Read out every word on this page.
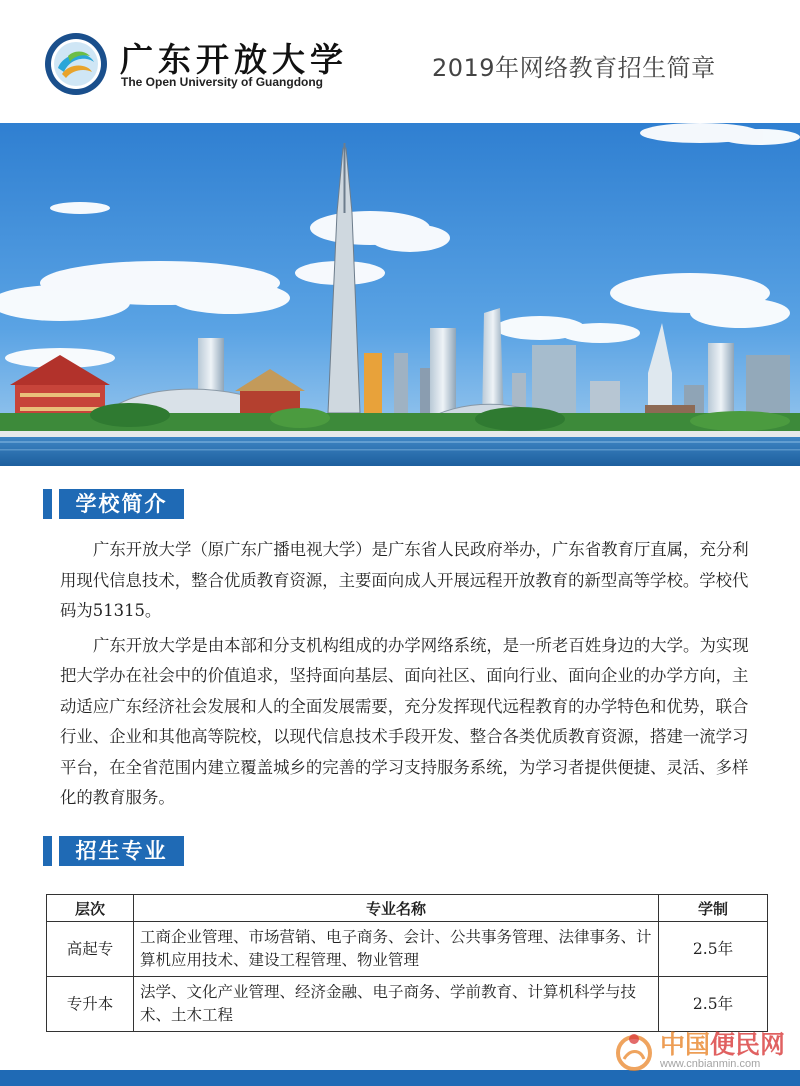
广东开放大学
The Open University of Guangdong	2019年网络教育招生简章
学校简介

广东开放大学（原广东广播电视大学）是广东省人民政府举办，广东省教育厅直属，充分利用现代信息技术，整合优质教育资源，主要面向成人开展远程开放教育的新型高等学校。学校代码为51315。

广东开放大学是由本部和分支机构组成的办学网络系统，是一所老百姓身边的大学。为实现把大学办在社会中的价值追求，坚持面向基层、面向社区、面向行业、面向企业的办学方向，主动适应广东经济社会发展和人的全面发展需要，充分发挥现代远程教育的办学特色和优势，联合行业、企业和其他高等院校，以现代信息技术手段开发、整合各类优质教育资源，搭建一流学习平台，在全省范围内建立覆盖城乡的完善的学习支持服务系统，为学习者提供便捷、灵活、多样化的教育服务。

招生专业
层次	专业名称	学制
高起专	工商企业管理、市场营销、电子商务、会计、公共事务管理、法律事务、计算机应用技术、建设工程管理、物业管理	2.5年
专升本	法学、文化产业管理、经济金融、电子商务、学前教育、计算机科学与技术、土木工程	2.5年
中国便民网
www.cnbianmin.com
